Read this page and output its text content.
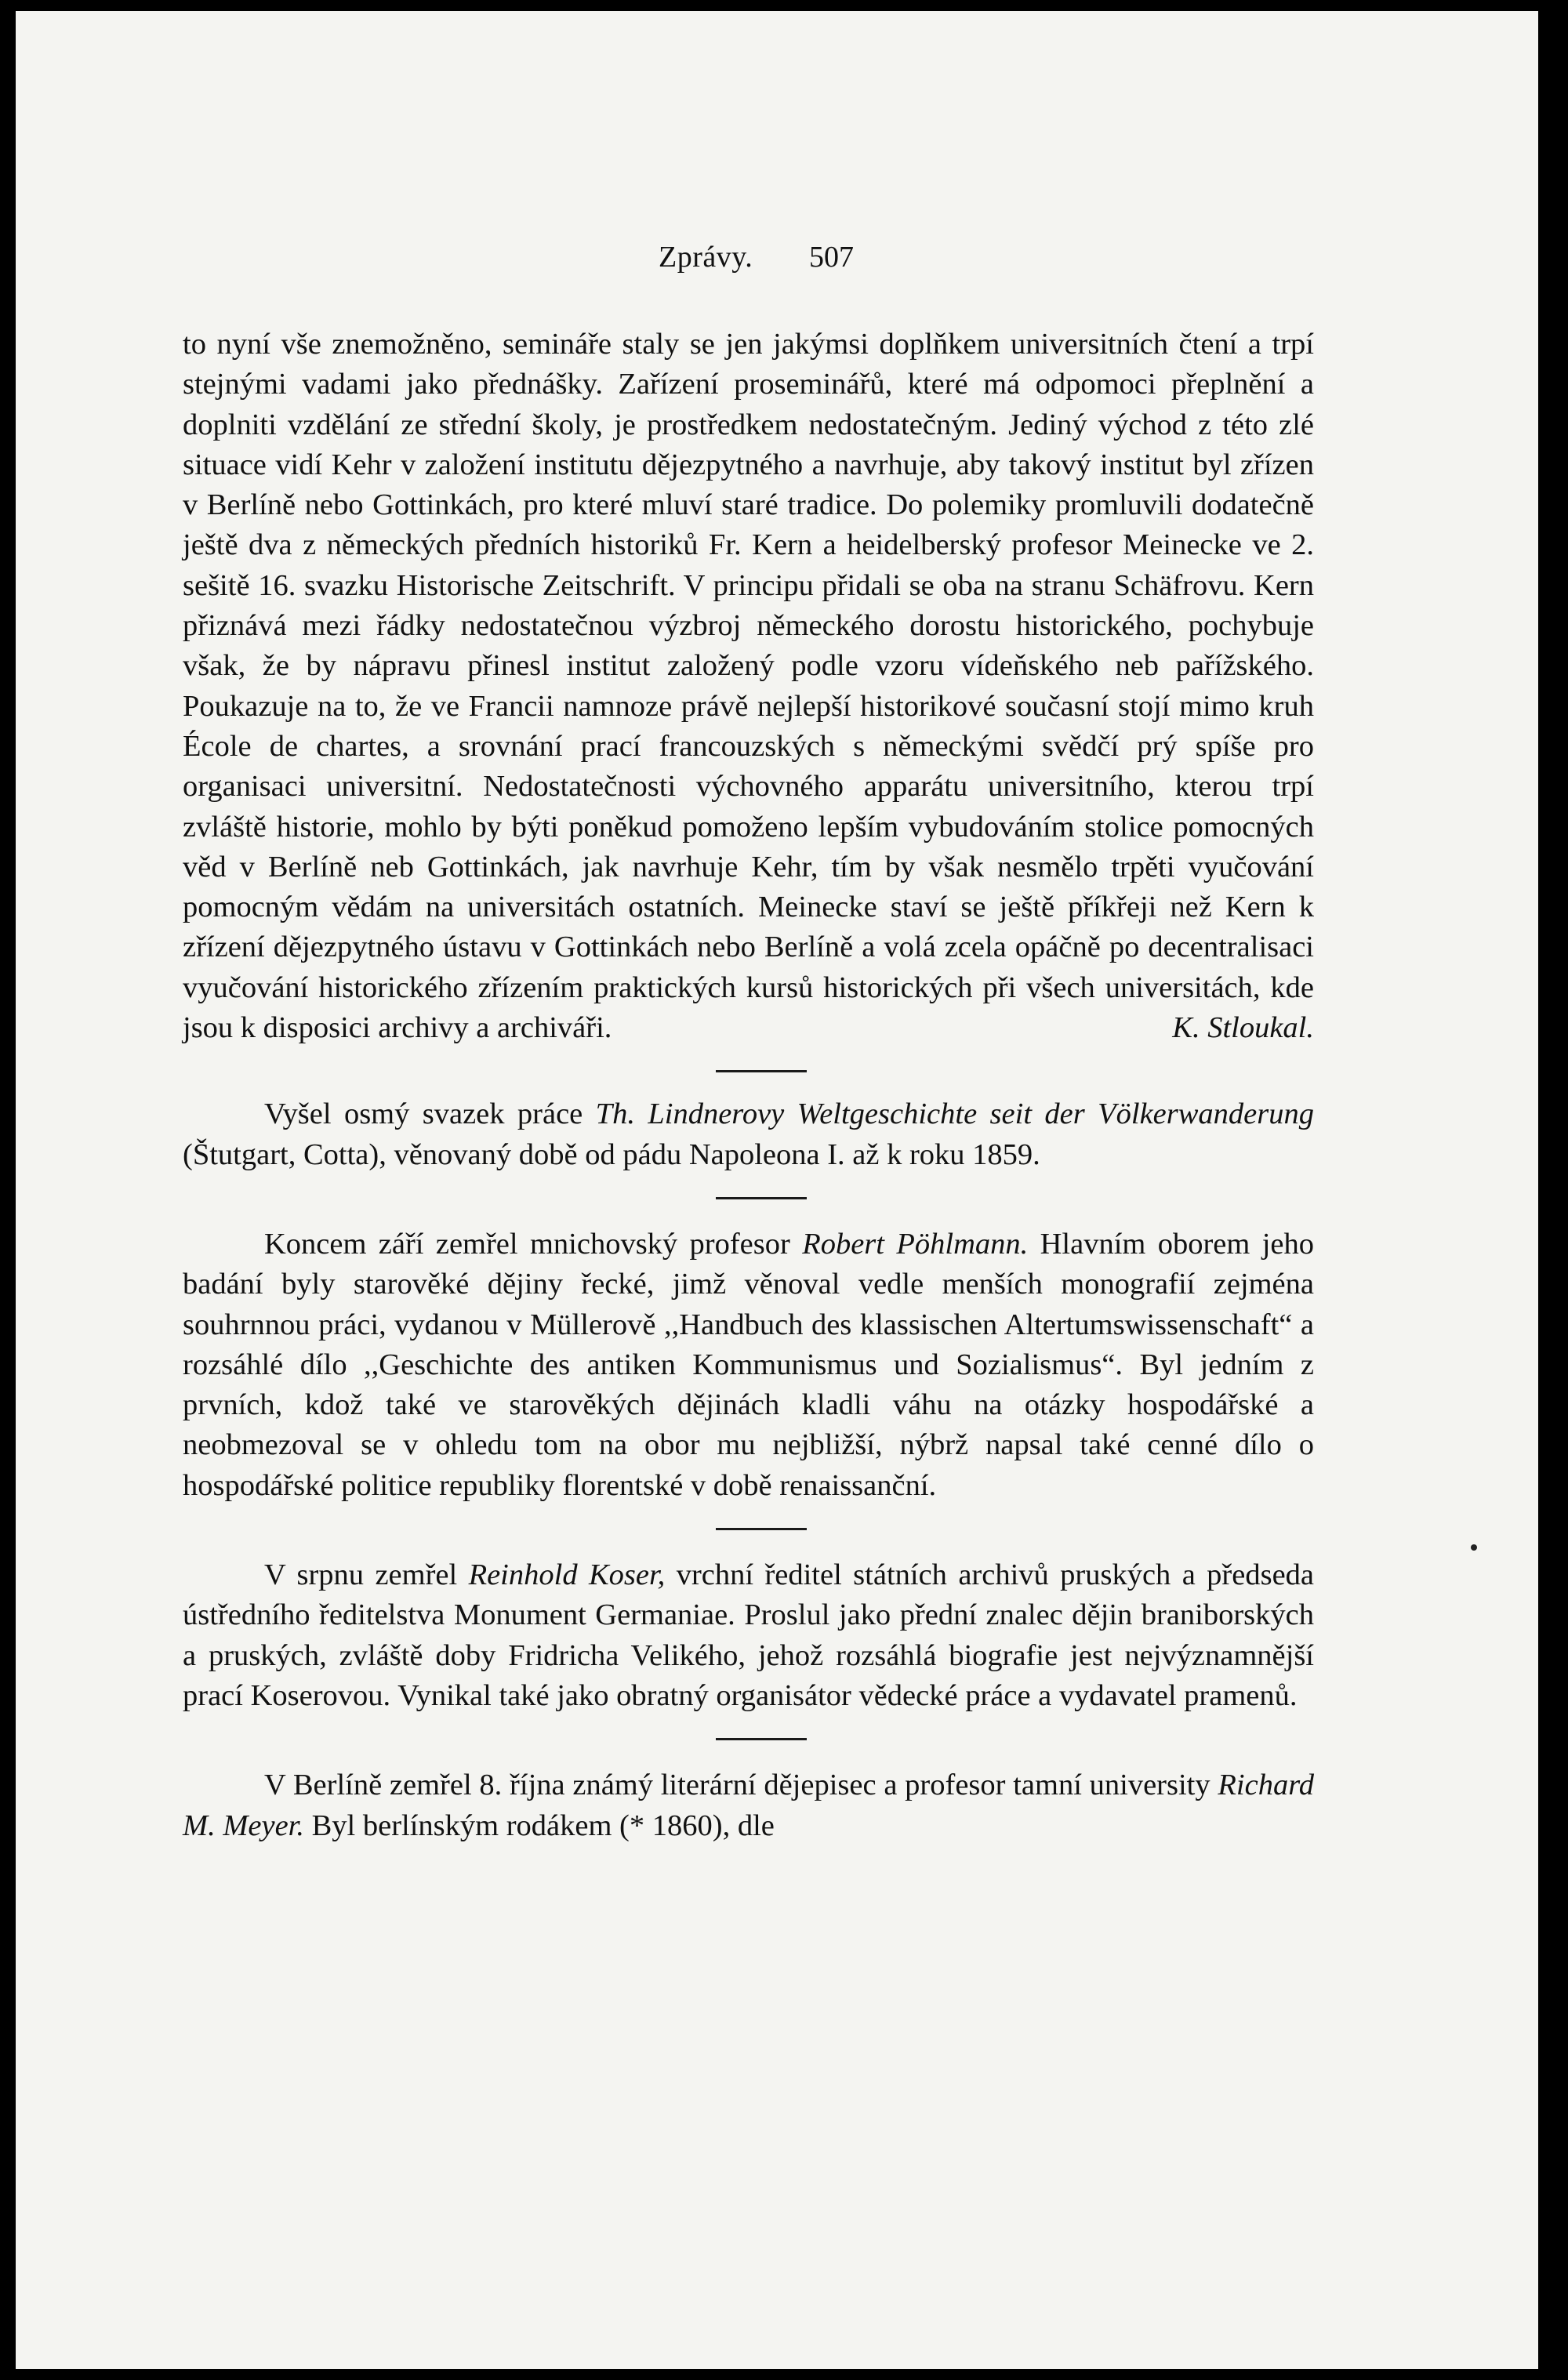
Zprávy. 507

to nyní vše znemožněno, semináře staly se jen jakýmsi doplňkem universitních čtení a trpí stejnými vadami jako přednášky. Zařízení proseminářů, které má odpomoci přeplnění a doplniti vzdělání ze střední školy, je prostředkem nedostatečným. Jediný východ z této zlé situace vidí Kehr v založení institutu dějezpytného a navrhuje, aby takový institut byl zřízen v Berlíně nebo Gottinkách, pro které mluví staré tradice. Do polemiky promluvili dodatečně ještě dva z německých předních historiků Fr. Kern a heidelberský profesor Meinecke ve 2. sešitě 16. svazku Historische Zeitschrift. V principu přidali se oba na stranu Schäfrovu. Kern přiznává mezi řádky nedostatečnou výzbroj německého dorostu historického, pochybuje však, že by nápravu přinesl institut založený podle vzoru vídeňského neb pařížského. Poukazuje na to, že ve Francii namnoze právě nejlepší historikové současní stojí mimo kruh École de chartes, a srovnání prací francouzských s německými svědčí prý spíše pro organisaci universitní. Nedostatečnosti výchovného apparátu universitního, kterou trpí zvláště historie, mohlo by býti poněkud pomoženo lepším vybudováním stolice pomocných věd v Berlíně neb Gottinkách, jak navrhuje Kehr, tím by však nesmělo trpěti vyučování pomocným vědám na universitách ostatních. Meinecke staví se ještě příkřeji než Kern k zřízení dějezpytného ústavu v Gottinkách nebo Berlíně a volá zcela opáčně po decentralisaci vyučování historického zřízením praktických kursů historických při všech universitách, kde jsou k disposici archivy a archiváři.	K. Stloukal.

Vyšel osmý svazek práce Th. Lindnerovy Weltgeschichte seit der Völkerwanderung (Štutgart, Cotta), věnovaný době od pádu Napoleona I. až k roku 1859.

Koncem září zemřel mnichovský profesor Robert Pöhlmann. Hlavním oborem jeho badání byly starověké dějiny řecké, jimž věnoval vedle menších monografií zejména souhrnnou práci, vydanou v Müllerově ,,Handbuch des klassischen Altertumswissenschaft“ a rozsáhlé dílo ,,Geschichte des antiken Kommunismus und Sozialismus“. Byl jedním z prvních, kdož také ve starověkých dějinách kladli váhu na otázky hospodářské a neobmezoval se v ohledu tom na obor mu nejbližší, nýbrž napsal také cenné dílo o hospodářské politice republiky florentské v době renaissanční.

V srpnu zemřel Reinhold Koser, vrchní ředitel státních archivů pruských a předseda ústředního ředitelstva Monument Germaniae. Proslul jako přední znalec dějin braniborských a pruských, zvláště doby Fridricha Velikého, jehož rozsáhlá biografie jest nejvýznamnější prací Koserovou. Vynikal také jako obratný organisátor vědecké práce a vydavatel pramenů.

V Berlíně zemřel 8. října známý literární dějepisec a profesor tamní university Richard M. Meyer. Byl berlínským rodákem (* 1860), dle
